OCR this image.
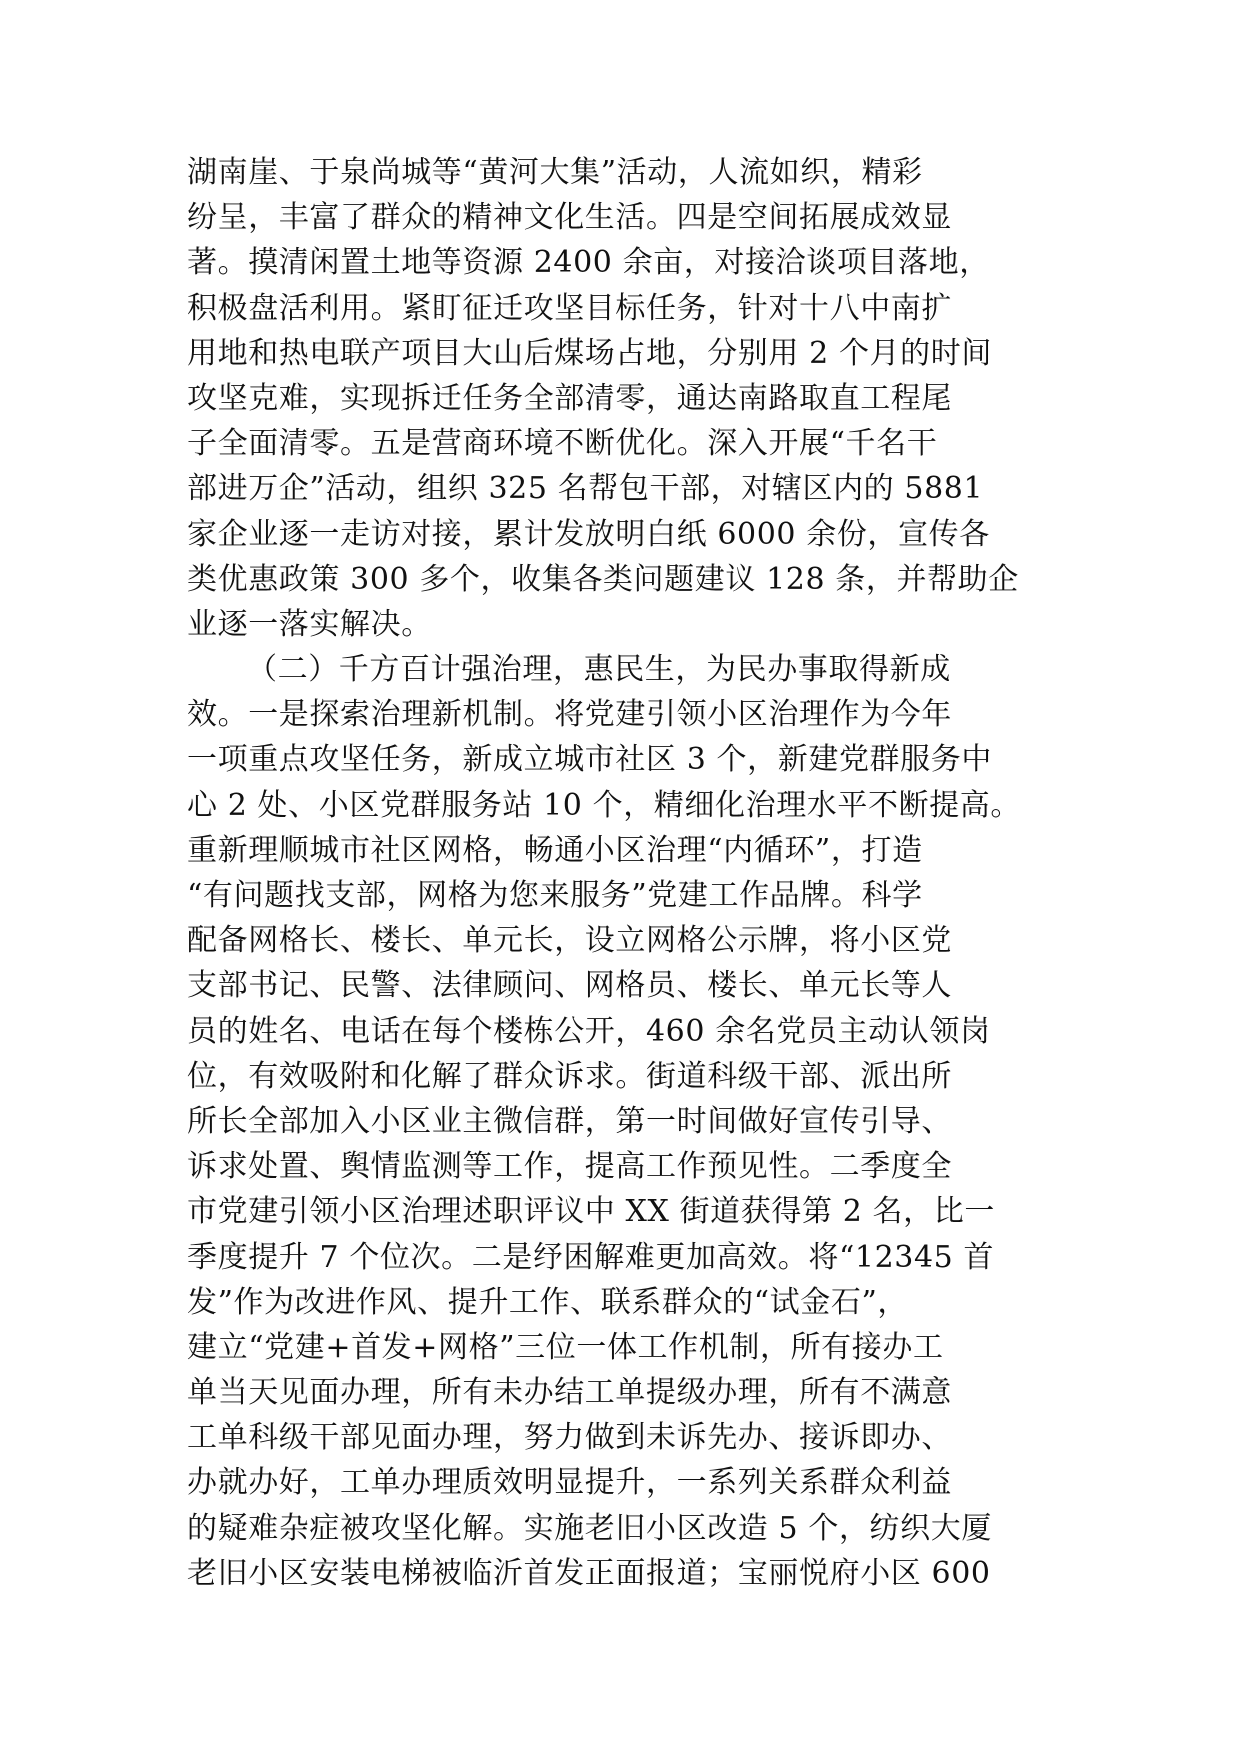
湖南崖、于泉尚城等“黄河大集”活动，人流如织，精彩
纷呈，丰富了群众的精神文化生活。四是空间拓展成效显
著。摸清闲置土地等资源 2400 余亩，对接洽谈项目落地，
积极盘活利用。紧盯征迁攻坚目标任务，针对十八中南扩
用地和热电联产项目大山后煤场占地，分别用 2 个月的时间
攻坚克难，实现拆迁任务全部清零，通达南路取直工程尾
子全面清零。五是营商环境不断优化。深入开展“千名干
部进万企”活动，组织 325 名帮包干部，对辖区内的 5881
家企业逐一走访对接，累计发放明白纸 6000 余份，宣传各
类优惠政策 300 多个，收集各类问题建议 128 条，并帮助企
业逐一落实解决。
（二）千方百计强治理，惠民生，为民办事取得新成
效。一是探索治理新机制。将党建引领小区治理作为今年
一项重点攻坚任务，新成立城市社区 3 个，新建党群服务中
心 2 处、小区党群服务站 10 个，精细化治理水平不断提高。
重新理顺城市社区网格，畅通小区治理“内循环”，打造
“有问题找支部，网格为您来服务”党建工作品牌。科学
配备网格长、楼长、单元长，设立网格公示牌，将小区党
支部书记、民警、法律顾问、网格员、楼长、单元长等人
员的姓名、电话在每个楼栋公开，460 余名党员主动认领岗
位，有效吸附和化解了群众诉求。街道科级干部、派出所
所长全部加入小区业主微信群，第一时间做好宣传引导、
诉求处置、舆情监测等工作，提高工作预见性。二季度全
市党建引领小区治理述职评议中 XX 街道获得第 2 名，比一
季度提升 7 个位次。二是纾困解难更加高效。将“12345 首
发”作为改进作风、提升工作、联系群众的“试金石”，
建立“党建+首发+网格”三位一体工作机制，所有接办工
单当天见面办理，所有未办结工单提级办理，所有不满意
工单科级干部见面办理，努力做到未诉先办、接诉即办、
办就办好，工单办理质效明显提升，一系列关系群众利益
的疑难杂症被攻坚化解。实施老旧小区改造 5 个，纺织大厦
老旧小区安装电梯被临沂首发正面报道；宝丽悦府小区 600
